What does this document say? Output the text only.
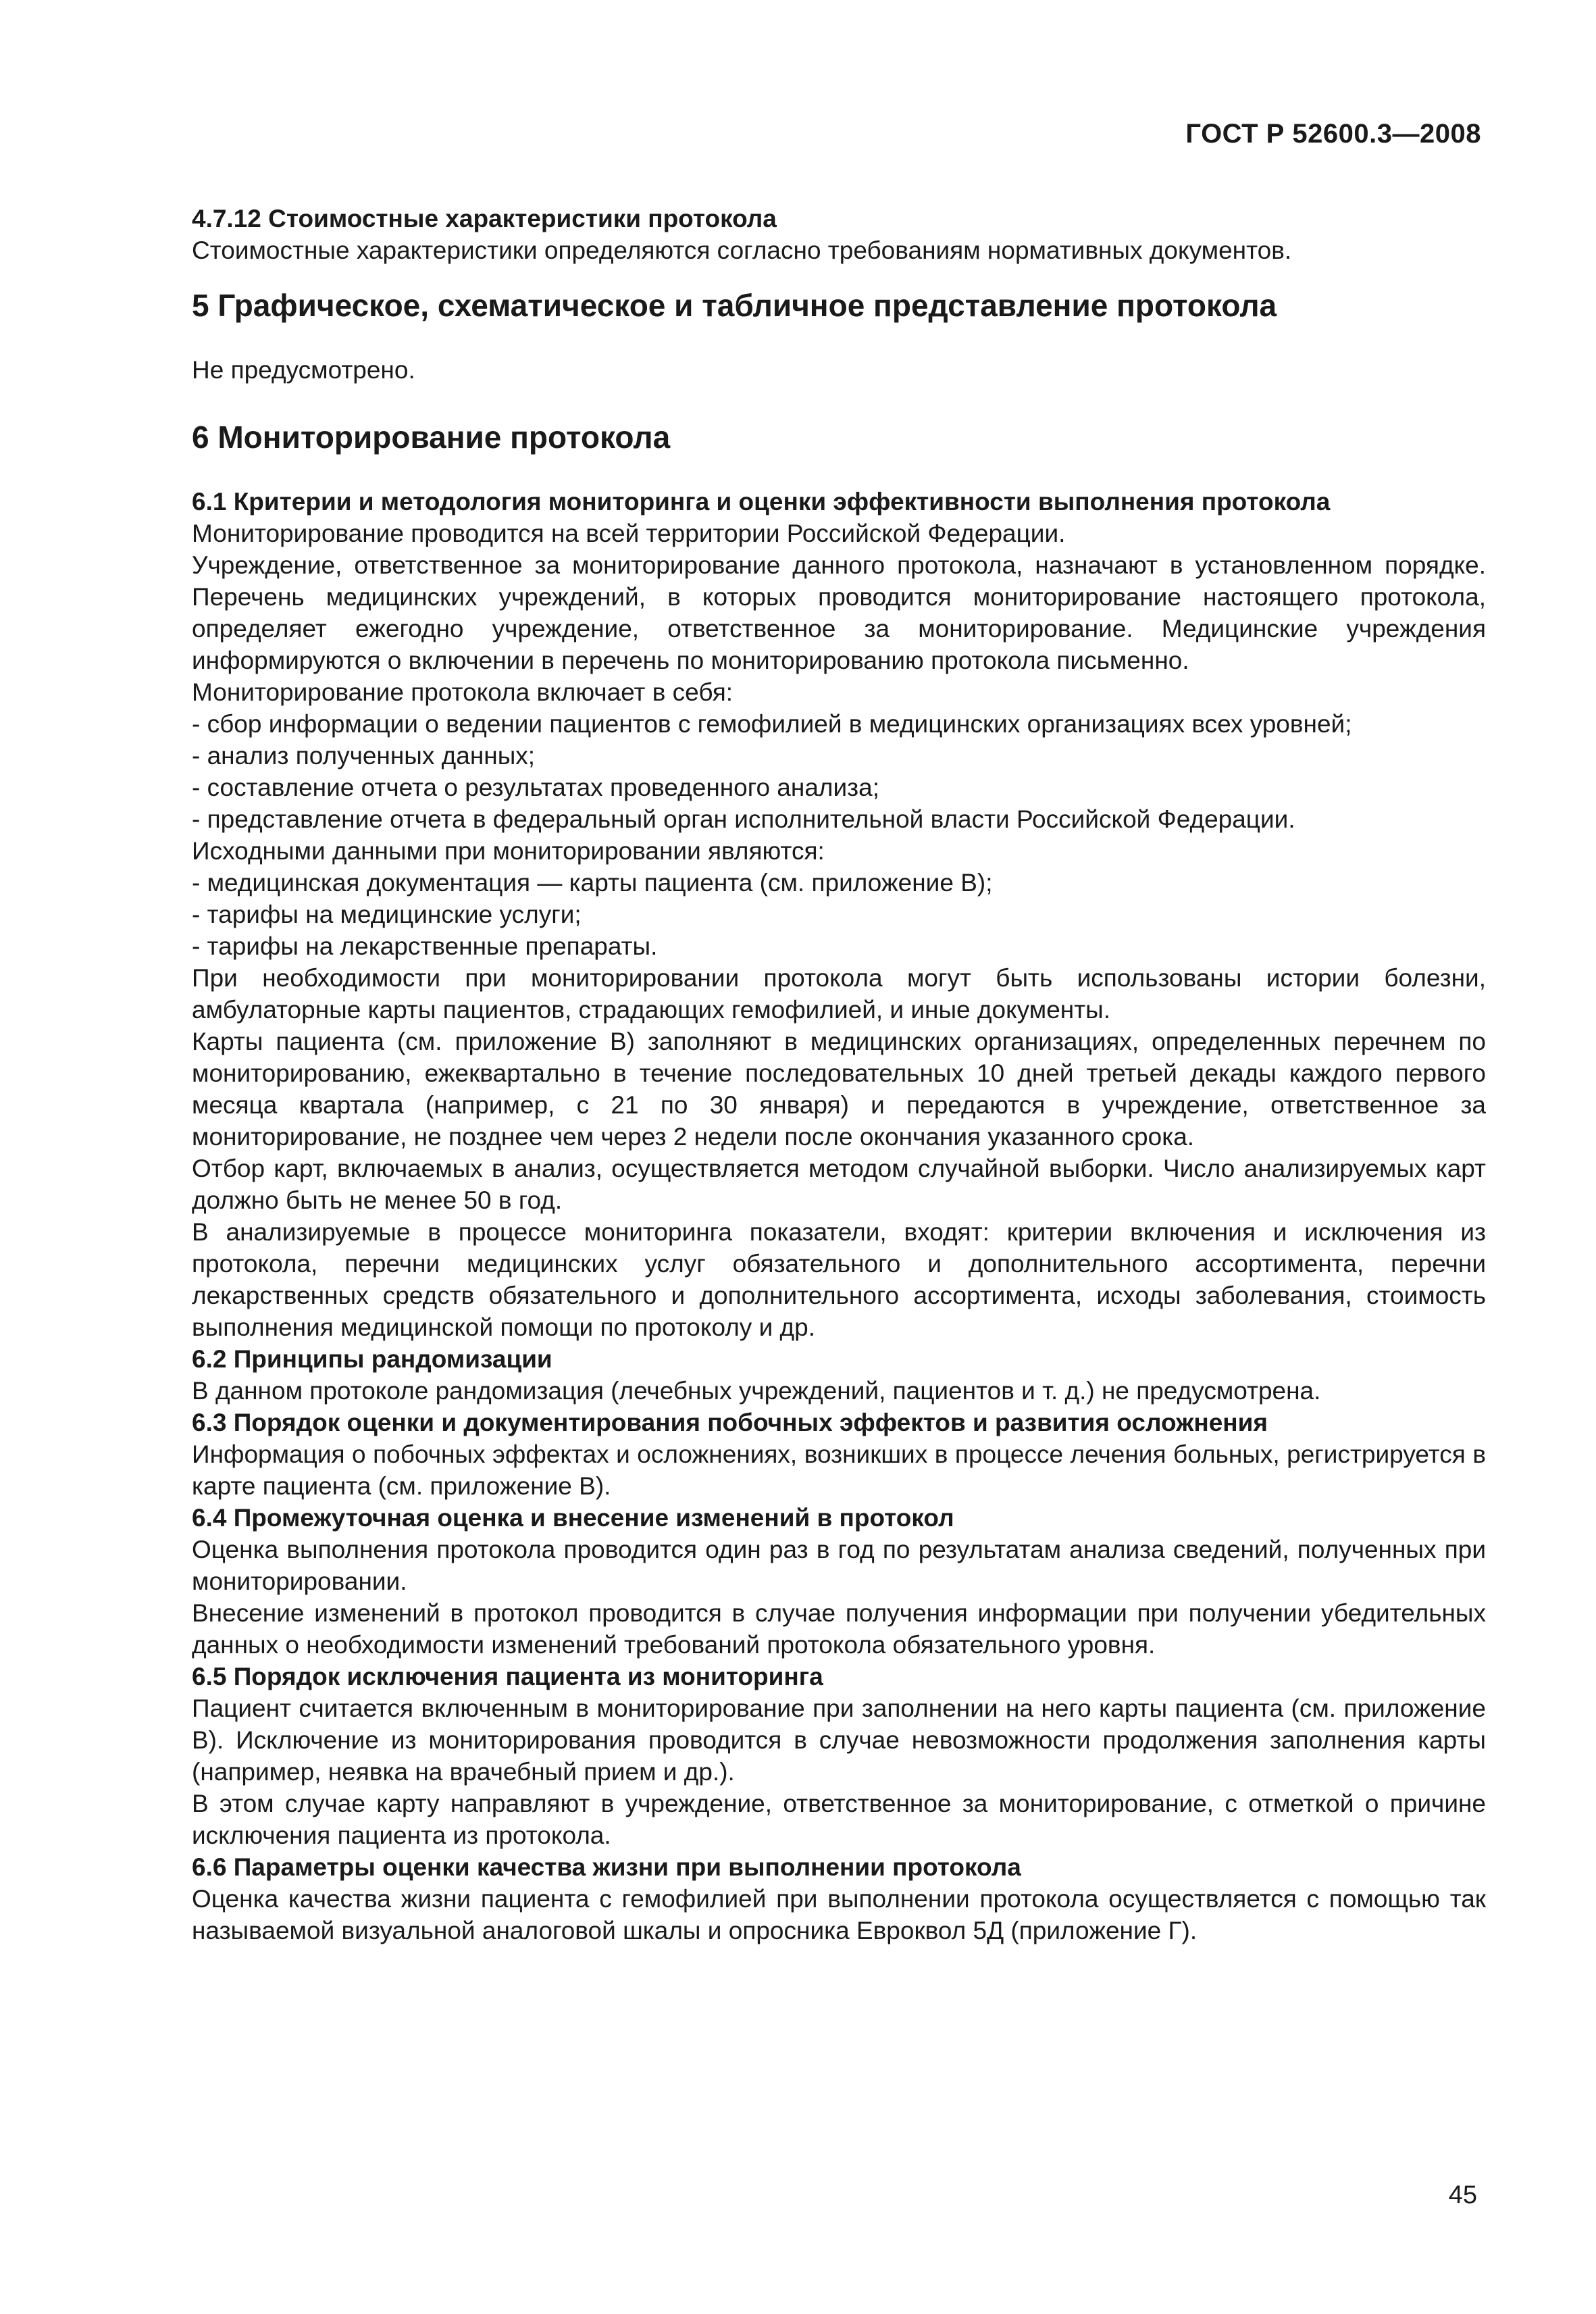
ГОСТ Р 52600.3—2008

4.7.12 Стоимостные характеристики протокола

Стоимостные характеристики определяются согласно требованиям нормативных документов.

5 Графическое, схематическое и табличное представление протокола

Не предусмотрено.

6 Мониторирование протокола

6.1 Критерии и методология мониторинга и оценки эффективности выполнения протокола

Мониторирование проводится на всей территории Российской Федерации.

Учреждение, ответственное за мониторирование данного протокола, назначают в установленном порядке. Перечень медицинских учреждений, в которых проводится мониторирование настоящего протокола, определяет ежегодно учреждение, ответственное за мониторирование. Медицинские учреждения информируются о включении в перечень по мониторированию протокола письменно.

Мониторирование протокола включает в себя:

- сбор информации о ведении пациентов с гемофилией в медицинских организациях всех уровней;

- анализ полученных данных;

- составление отчета о результатах проведенного анализа;

- представление отчета в федеральный орган исполнительной власти Российской Федерации.

Исходными данными при мониторировании являются:

- медицинская документация — карты пациента (см. приложение В);

- тарифы на медицинские услуги;

- тарифы на лекарственные препараты.

При необходимости при мониторировании протокола могут быть использованы истории болезни, амбулаторные карты пациентов, страдающих гемофилией, и иные документы.

Карты пациента (см. приложение В) заполняют в медицинских организациях, определенных перечнем по мониторированию, ежеквартально в течение последовательных 10 дней третьей декады каждого первого месяца квартала (например, с 21 по 30 января) и передаются в учреждение, ответственное за мониторирование, не позднее чем через 2 недели после окончания указанного срока.

Отбор карт, включаемых в анализ, осуществляется методом случайной выборки. Число анализируемых карт должно быть не менее 50 в год.

В анализируемые в процессе мониторинга показатели, входят: критерии включения и исключения из протокола, перечни медицинских услуг обязательного и дополнительного ассортимента, перечни лекарственных средств обязательного и дополнительного ассортимента, исходы заболевания, стоимость выполнения медицинской помощи по протоколу и др.

6.2 Принципы рандомизации

В данном протоколе рандомизация (лечебных учреждений, пациентов и т. д.) не предусмотрена.

6.3 Порядок оценки и документирования побочных эффектов и развития осложнения

Информация о побочных эффектах и осложнениях, возникших в процессе лечения больных, регистрируется в карте пациента (см. приложение В).

6.4 Промежуточная оценка и внесение изменений в протокол

Оценка выполнения протокола проводится один раз в год по результатам анализа сведений, полученных при мониторировании.

Внесение изменений в протокол проводится в случае получения информации при получении убедительных данных о необходимости изменений требований протокола обязательного уровня.

6.5 Порядок исключения пациента из мониторинга

Пациент считается включенным в мониторирование при заполнении на него карты пациента (см. приложение В). Исключение из мониторирования проводится в случае невозможности продолжения заполнения карты (например, неявка на врачебный прием и др.).

В этом случае карту направляют в учреждение, ответственное за мониторирование, с отметкой о причине исключения пациента из протокола.

6.6 Параметры оценки качества жизни при выполнении протокола

Оценка качества жизни пациента с гемофилией при выполнении протокола осуществляется с помощью так называемой визуальной аналоговой шкалы и опросника Евроквол 5Д (приложение Г).

45
